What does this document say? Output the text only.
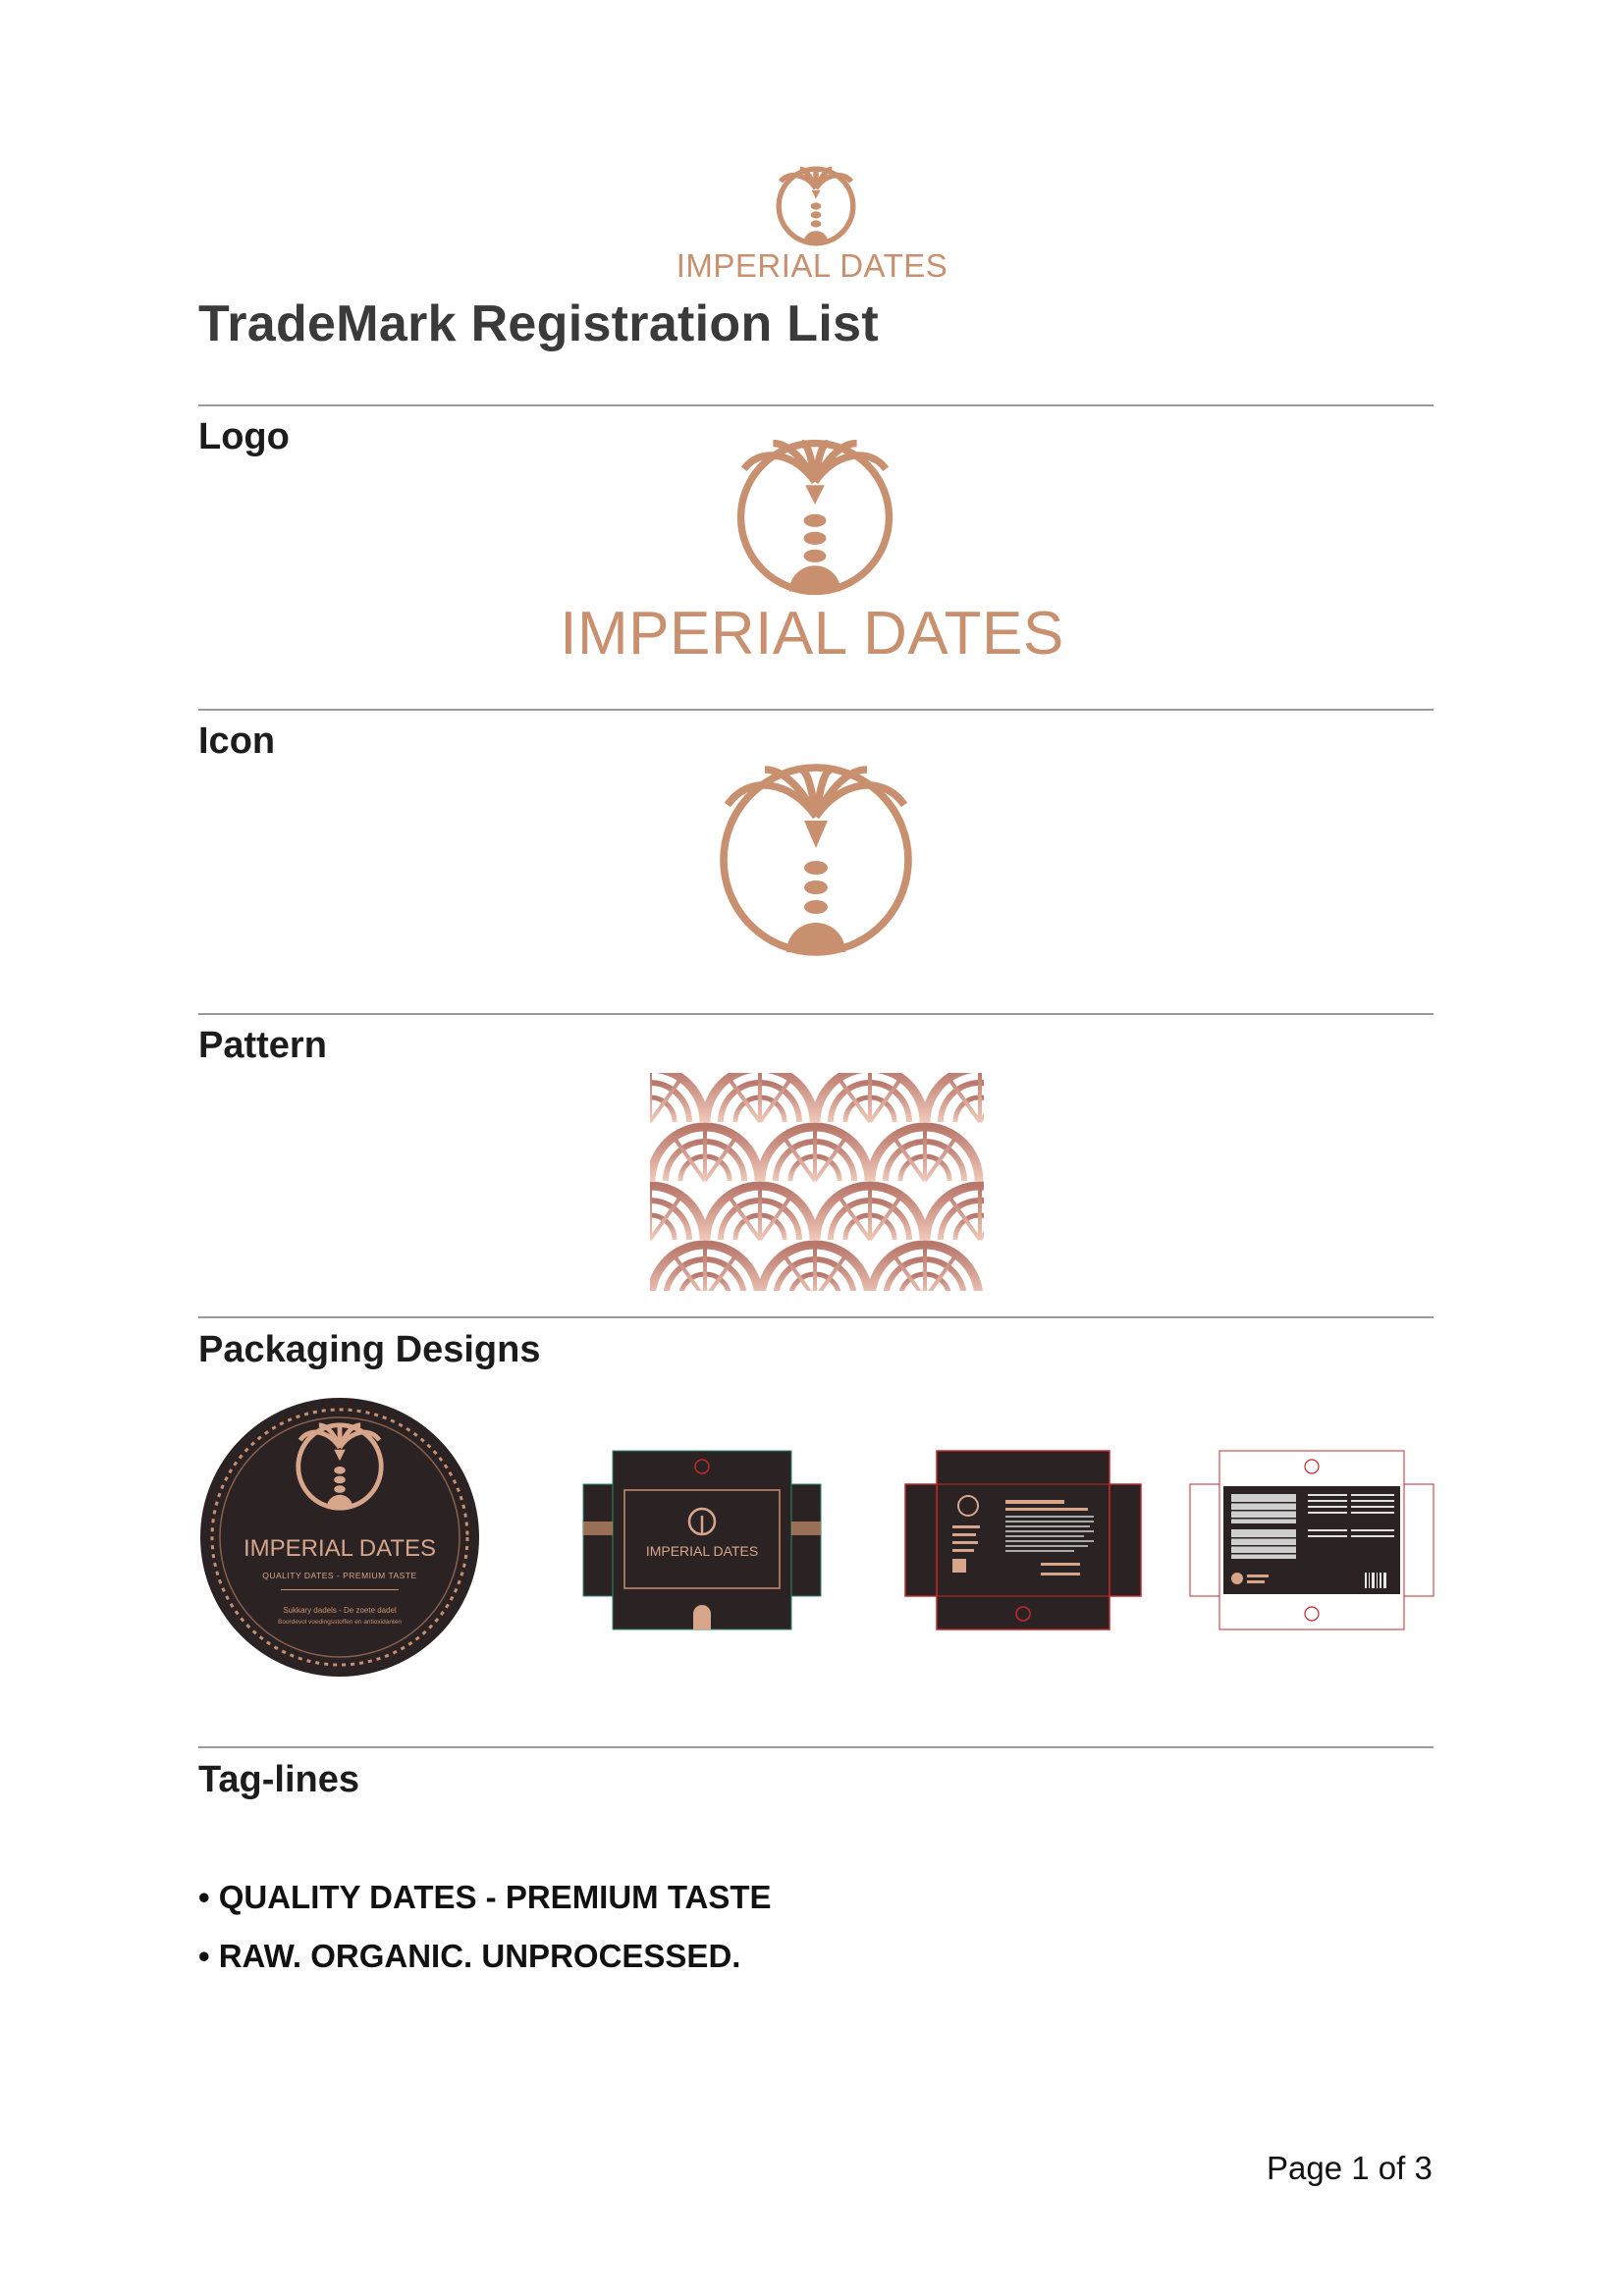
IMPERIAL DATES
TradeMark Registration List
Logo
IMPERIAL DATES
Icon
Pattern
Packaging Designs
IMPERIAL DATES
QUALITY DATES - PREMIUM TASTE
Sukkary dadels - De zoete dadel
Boordevol voedingsstoffen en antioxidanten
IMPERIAL DATES
Tag-lines
• QUALITY DATES - PREMIUM TASTE
• RAW. ORGANIC. UNPROCESSED.
Page 1 of 3
